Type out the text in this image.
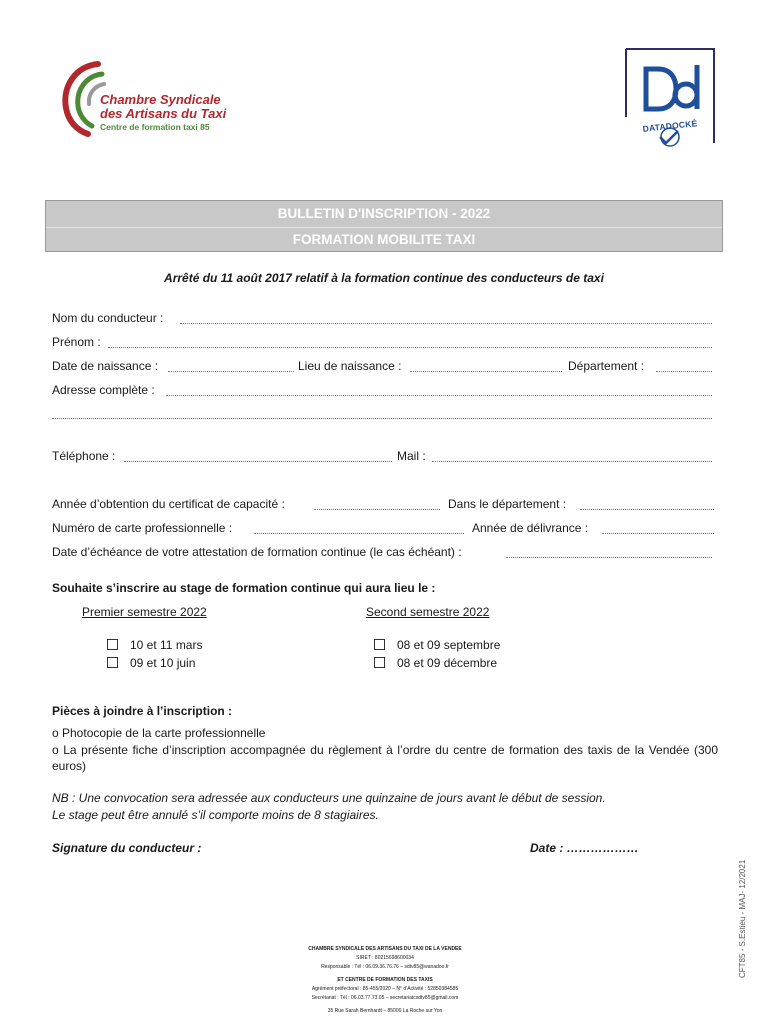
Chambre Syndicale
des Artisans du Taxi
Centre de formation taxi 85	DATADOCKÉ
BULLETIN D'INSCRIPTION - 2022
FORMATION MOBILITE TAXI
Arrêté du 11 août 2017 relatif à la formation continue des conducteurs de taxi
Nom du conducteur :
Prénom :
Date de naissance :	Lieu de naissance :	Département :
Adresse complète :
Téléphone :	Mail :
Année d’obtention du certificat de capacité :	Dans le département :
Numéro de carte professionnelle :	Année de délivrance :
Date d’échéance de votre attestation de formation continue (le cas échéant) :
Souhaite s’inscrire au stage de formation continue qui aura lieu le :
Premier semestre 2022	Second semestre 2022
10 et 11 mars
09 et 10 juin
08 et 09 septembre
08 et 09 décembre
Pièces à joindre à l’inscription :
o Photocopie de la carte professionnelle
o La présente fiche d’inscription accompagnée du règlement à l’ordre du centre de formation des taxis de la Vendée (300 euros)
NB : Une convocation sera adressée aux conducteurs une quinzaine de jours avant le début de session.
Le stage peut être annulé s’il comporte moins de 8 stagiaires.
Signature du conducteur :	Date : ………………
CHAMBRE SYNDICALE DES ARTISANS DU TAXI DE LA VENDEE
SIRET : 80215698600034
Responsable : Tél : 06.09.36.76.76 – sdtv85@wanadoo.fr
ET CENTRE DE FORMATION DES TAXIS
Agrément préfectoral : 85-455/2020 – N° d’Activité : 52850384585
Secrétariat : Tél : 06.03.77.73.05 – secretariatcsdtv85@gmail.com
35 Rue Sarah Bernhardt – 85000 La Roche sur Yon
CFT85 - S.Estieu - MAJ- 12/2021
